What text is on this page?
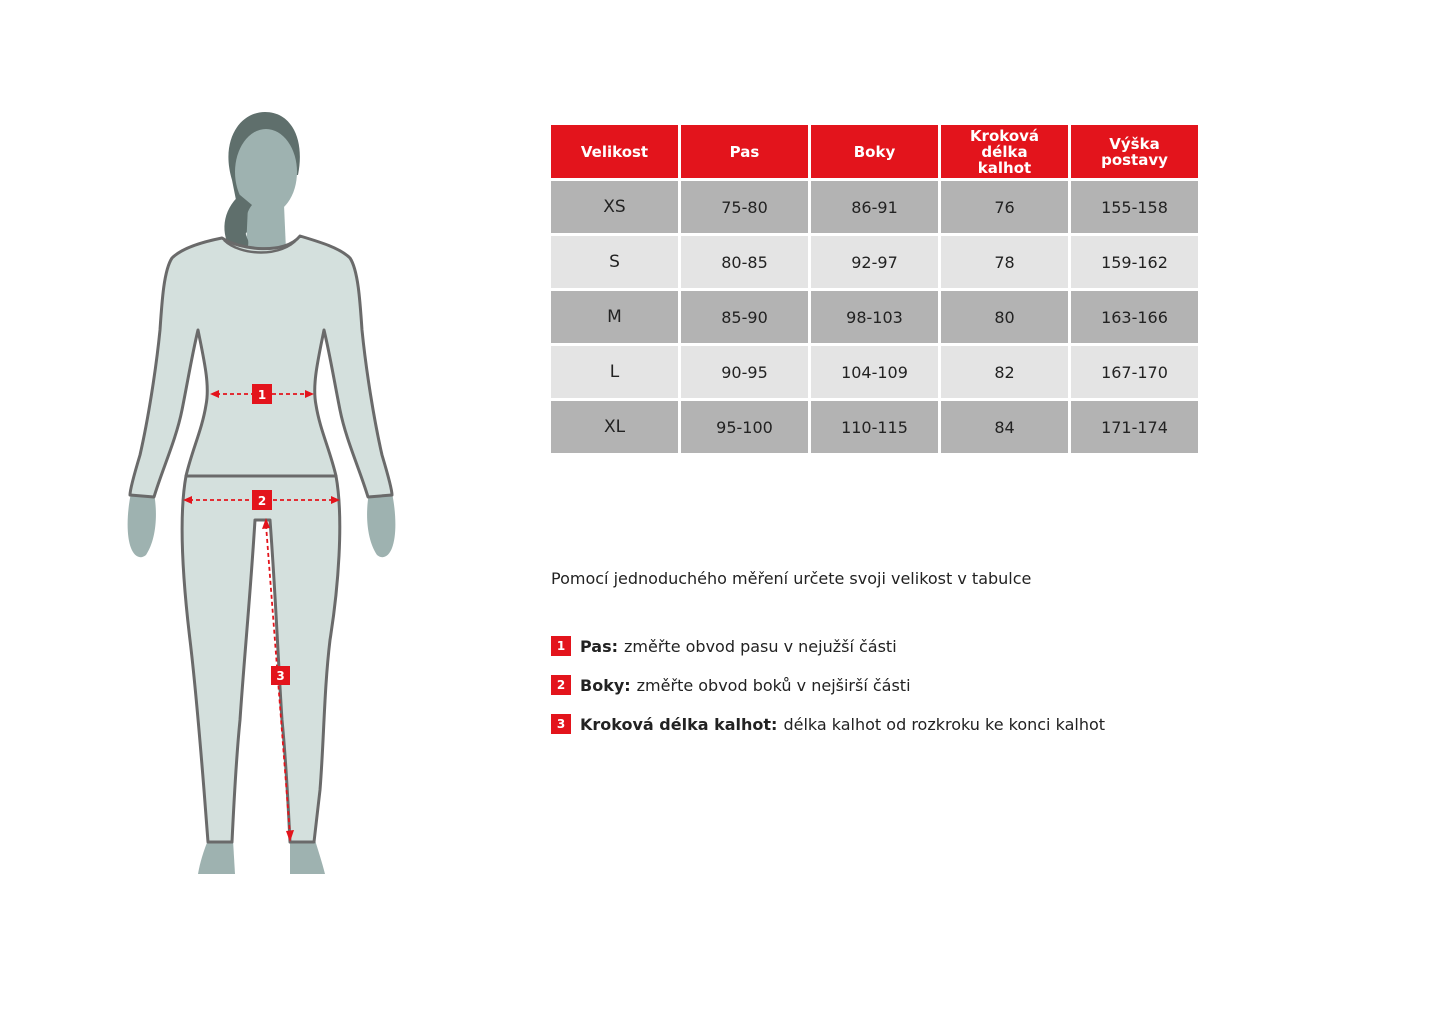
1
2
3
Velikost	Pas	Boky	Kroková délka kalhot	Výška postavy

XS	75-80	86-91	76	155-158
S	80-85	92-97	78	159-162
M	85-90	98-103	80	163-166
L	90-95	104-109	82	167-170
XL	95-100	110-115	84	171-174
Pomocí jednoduchého měření určete svoji velikost v tabulce
1 Pas: změřte obvod pasu v nejužší části
2 Boky: změřte obvod boků v nejširší části
3 Kroková délka kalhot: délka kalhot od rozkroku ke konci kalhot
